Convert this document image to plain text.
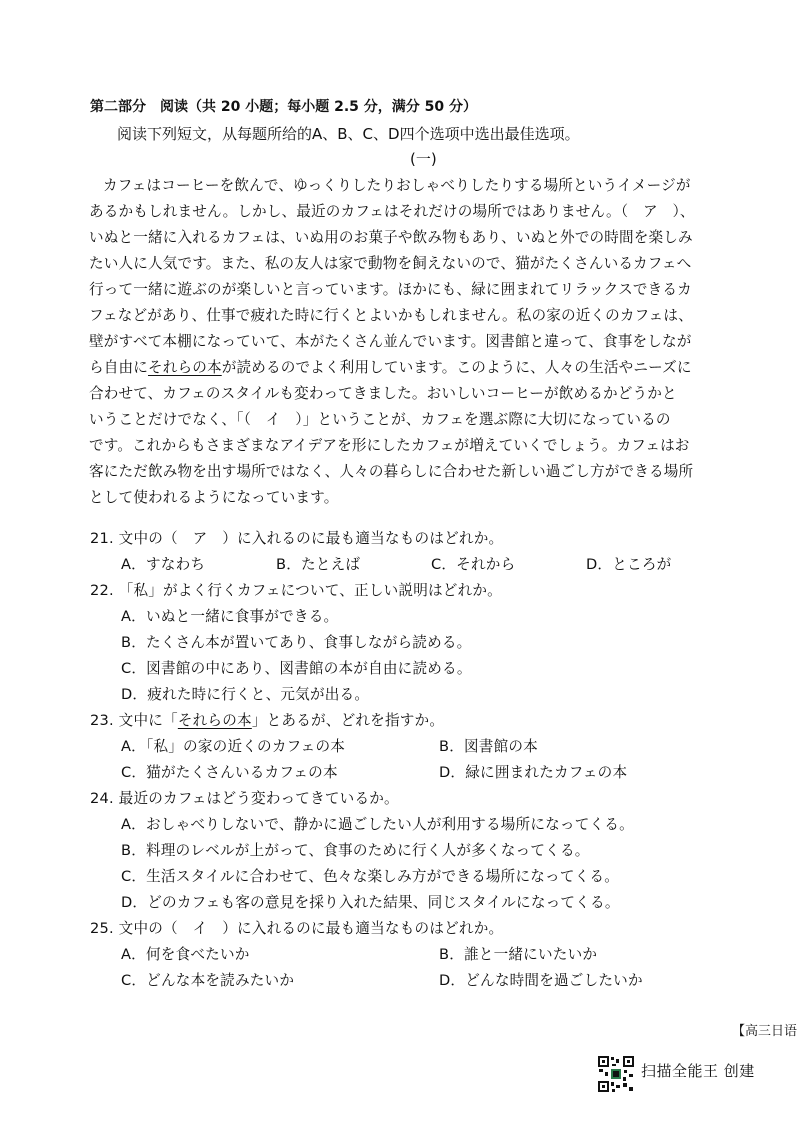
第二部分　阅读（共 20 小题；每小题 2.5 分，满分 50 分）
阅读下列短文，从每题所给的A、B、C、D四个选项中选出最佳选项。
(一)
カフェはコーヒーを飲んで、ゆっくりしたりおしゃべりしたりする場所というイメージが
あるかもしれません。しかし、最近のカフェはそれだけの場所ではありません。（　ア　）、
いぬと一緒に入れるカフェは、いぬ用のお菓子や飲み物もあり、いぬと外での時間を楽しみ
たい人に人気です。また、私の友人は家で動物を飼えないので、猫がたくさんいるカフェへ
行って一緒に遊ぶのが楽しいと言っています。ほかにも、緑に囲まれてリラックスできるカ
フェなどがあり、仕事で疲れた時に行くとよいかもしれません。私の家の近くのカフェは、
壁がすべて本棚になっていて、本がたくさん並んでいます。図書館と違って、食事をしなが
ら自由にそれらの本が読めるのでよく利用しています。このように、人々の生活やニーズに
合わせて、カフェのスタイルも変わってきました。おいしいコーヒーが飲めるかどうかと
いうことだけでなく、「（　イ　）」ということが、カフェを選ぶ際に大切になっているの
です。これからもさまざまなアイデアを形にしたカフェが増えていくでしょう。カフェはお
客にただ飲み物を出す場所ではなく、人々の暮らしに合わせた新しい過ごし方ができる場所
として使われるようになっています。
21. 文中の（　ア　）に入れるのに最も適当なものはどれか。
A．すなわち	B．たとえば	C．それから	D．ところが
22. 「私」がよく行くカフェについて、正しい説明はどれか。
A．いぬと一緒に食事ができる。
B．たくさん本が置いてあり、食事しながら読める。
C．図書館の中にあり、図書館の本が自由に読める。
D．疲れた時に行くと、元気が出る。
23. 文中に「それらの本」とあるが、どれを指すか。
A．「私」の家の近くのカフェの本	B．図書館の本
C．猫がたくさんいるカフェの本	D．緑に囲まれたカフェの本
24. 最近のカフェはどう変わってきているか。
A．おしゃべりしないで、静かに過ごしたい人が利用する場所になってくる。
B．料理のレベルが上がって、食事のために行く人が多くなってくる。
C．生活スタイルに合わせて、色々な楽しみ方ができる場所になってくる。
D．どのカフェも客の意見を採り入れた結果、同じスタイルになってくる。
25. 文中の（　イ　）に入れるのに最も適当なものはどれか。
A．何を食べたいか	B．誰と一緒にいたいか
C．どんな本を読みたいか	D．どんな時間を過ごしたいか
【高三日语
扫描全能王 创建
